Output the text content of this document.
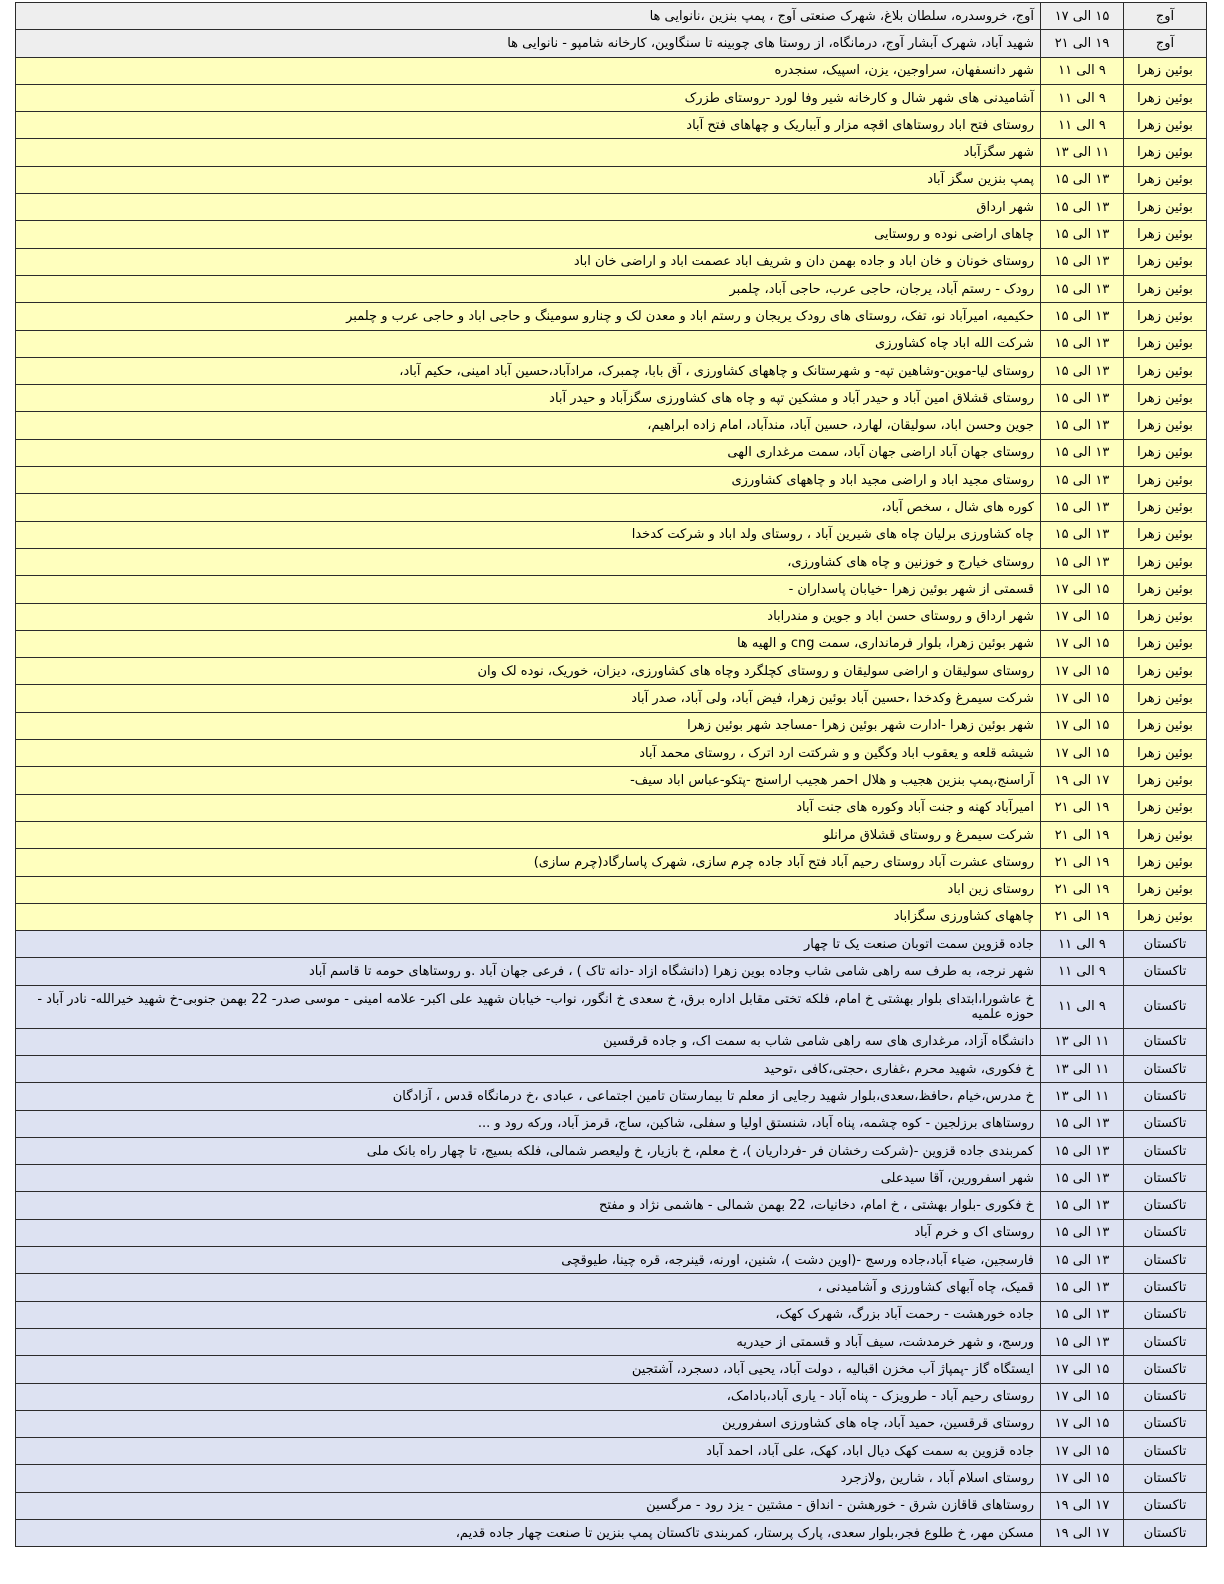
آوج	۱۵ الی ۱۷	آوج، خروسدره، سلطان بلاغ، شهرک صنعتی آوج ، پمپ بنزین ،نانوایی ها
آوج	۱۹ الی ۲۱	شهید آباد، شهرک آبشار آوج، درمانگاه، از روستا های چوبینه تا سنگاوین، کارخانه شامپو - نانوایی ها
بوئین زهرا	۹ الی ۱۱	شهر دانسفهان، سراوجین، یزن، اسپیک، سنجدره
بوئین زهرا	۹ الی ۱۱	آشامیدنی های شهر شال و کارخانه شیر وفا لورد -روستای طزرک
بوئین زهرا	۹ الی ۱۱	روستای فتح اباد روستاهای اقچه مزار و آبباریک و چهاهای فتح آباد
بوئین زهرا	۱۱ الی ۱۳	شهر سگزآباد
بوئین زهرا	۱۳ الی ۱۵	پمپ بنزین سگز آباد
بوئین زهرا	۱۳ الی ۱۵	شهر ارداق
بوئین زهرا	۱۳ الی ۱۵	چاهای اراضی نوده و روستایی
بوئین زهرا	۱۳ الی ۱۵	روستای خونان و خان اباد و جاده بهمن دان و شریف اباد عصمت اباد و اراضی خان اباد
بوئین زهرا	۱۳ الی ۱۵	رودک - رستم آباد، یرجان، حاجی عرب، حاجی آباد، چلمبر
بوئین زهرا	۱۳ الی ۱۵	حکیمیه، امیرآباد نو، تفک، روستای های رودک یریجان و رستم اباد و معدن لک و چنارو سومینگ و حاجی اباد و حاجی عرب و چلمبر
بوئین زهرا	۱۳ الی ۱۵	شرکت الله اباد چاه کشاورزی
بوئین زهرا	۱۳ الی ۱۵	روستای لیا-موین-وشاهین تپه- و شهرستانک و چاههای کشاورزی ، آق بابا، چمبرک، مرادآباد،حسین آباد امینی، حکیم آباد،
بوئین زهرا	۱۳ الی ۱۵	روستای قشلاق امین آباد و حیدر آباد و مشکین تپه و چاه های کشاورزی سگزآباد و حیدر آباد
بوئین زهرا	۱۳ الی ۱۵	جوین وحسن اباد، سولیقان، لهارد، حسین آباد، مندآباد، امام زاده ابراهیم،
بوئین زهرا	۱۳ الی ۱۵	روستای جهان آباد اراضی جهان آباد، سمت مرغداری الهی
بوئین زهرا	۱۳ الی ۱۵	روستای مجید اباد و اراضی مجید اباد و چاههای کشاورزی
بوئین زهرا	۱۳ الی ۱۵	کوره های شال ، سخص آباد،
بوئین زهرا	۱۳ الی ۱۵	چاه کشاورزی برلیان چاه های شیرین آباد ، روستای ولد اباد و شرکت کدخدا
بوئین زهرا	۱۳ الی ۱۵	روستای خیارج و خوزنین و چاه های کشاورزی،
بوئین زهرا	۱۵ الی ۱۷	قسمتی از شهر بوئین زهرا -خیابان پاسداران -
بوئین زهرا	۱۵ الی ۱۷	شهر ارداق و روستای حسن اباد و جوین و مندراباد
بوئین زهرا	۱۵ الی ۱۷	شهر بوئین زهرا، بلوار فرمانداری، سمت cng و الهیه ها
بوئین زهرا	۱۵ الی ۱۷	روستای سولیقان و اراضی سولیقان و روستای کچلگرد وچاه های کشاورزی، دیزان، خوریک، نوده لک وان
بوئین زهرا	۱۵ الی ۱۷	شرکت سیمرغ وکدخدا ،حسین آباد بوئین زهرا، فیض آباد، ولی آباد، صدر آباد
بوئین زهرا	۱۵ الی ۱۷	شهر بوئین زهرا -ادارت شهر بوئین زهرا -مساجد شهر بوئین زهرا
بوئین زهرا	۱۵ الی ۱۷	شیشه قلعه و یعقوب اباد وکگین و و شرکتت ارد اترک ، روستای محمد آباد
بوئین زهرا	۱۷ الی ۱۹	آراسنج،پمپ بنزین هجیب و هلال احمر هجیب اراسنج -پتکو-عباس اباد سیف-
بوئین زهرا	۱۹ الی ۲۱	امیرآباد کهنه و جنت آباد وکوره های جنت آباد
بوئین زهرا	۱۹ الی ۲۱	شرکت سیمرغ و روستای قشلاق مرانلو
بوئین زهرا	۱۹ الی ۲۱	روستای عشرت آباد روستای رحیم آباد فتح آباد جاده چرم سازی، شهرک پاسارگاد(چرم سازی)
بوئین زهرا	۱۹ الی ۲۱	روستای زین اباد
بوئین زهرا	۱۹ الی ۲۱	چاههای کشاورزی سگزاباد
تاکستان	۹ الی ۱۱	جاده قزوین سمت اتوبان صنعت یک تا چهار
تاکستان	۹ الی ۱۱	شهر نرجه، به طرف سه راهی شامی شاب وجاده بوین زهرا (دانشگاه ازاد -دانه تاک ) ، فرعی جهان آباد .و روستاهای حومه تا قاسم آباد
تاکستان	۹ الی ۱۱	خ عاشورا،ابتدای بلوار بهشتی خ امام، فلکه تختی مقابل اداره برق، خ سعدی خ انگور، نواب- خیابان شهید علی اکبر- علامه امینی - موسی صدر- 22 بهمن جنوبی-خ شهید خیرالله- نادر آباد - حوزه علمیه
تاکستان	۱۱ الی ۱۳	دانشگاه آزاد، مرغداری های سه راهی شامی شاب به سمت اک، و جاده قرقسین
تاکستان	۱۱ الی ۱۳	خ فکوری، شهید محرم ،غفاری ،حجتی،کافی ،توحید
تاکستان	۱۱ الی ۱۳	خ مدرس،خیام ،حافظ،سعدی،بلوار شهید رجایی از معلم تا بیمارستان تامین اجتماعی ، عبادی ،خ درمانگاه قدس ، آزادگان
تاکستان	۱۳ الی ۱۵	روستاهای برزلجین - کوه چشمه، پناه آباد، شنستق اولیا و سفلی، شاکین، ساج، قرمز آباد، ورکه رود و ...
تاکستان	۱۳ الی ۱۵	کمربندی جاده قزوین -(شرکت رخشان فر -فرداریان )، خ معلم، خ بازیار، خ ولیعصر شمالی، فلکه بسیج، تا چهار راه بانک ملی
تاکستان	۱۳ الی ۱۵	شهر اسفرورین، آقا سیدعلی
تاکستان	۱۳ الی ۱۵	خ فکوری -بلوار بهشتی ، خ امام، دخانیات، 22 بهمن شمالی - هاشمی نژاد و مفتح
تاکستان	۱۳ الی ۱۵	روستای اک و خرم آباد
تاکستان	۱۳ الی ۱۵	فارسجین، ضیاء آباد،جاده ورسج -(اوین دشت )، شنین، اورنه، قینرجه، قره چینا، طیوقچی
تاکستان	۱۳ الی ۱۵	قمیک، چاه آبهای کشاورزی و آشامیدنی ،
تاکستان	۱۳ الی ۱۵	جاده خورهشت - رحمت آباد بزرگ، شهرک کهک،
تاکستان	۱۳ الی ۱۵	ورسج، و شهر خرمدشت، سیف آباد و قسمتی از حیدریه
تاکستان	۱۵ الی ۱۷	ایستگاه گاز -پمپاژ آب مخزن اقبالیه ، دولت آباد، یحیی آباد، دسجرد، آشتجین
تاکستان	۱۵ الی ۱۷	روستای رحیم آباد - طرویزک - پناه آباد - یاری آباد،بادامک،
تاکستان	۱۵ الی ۱۷	روستای قرقسین، حمید آباد، چاه های کشاورزی اسفرورین
تاکستان	۱۵ الی ۱۷	جاده قزوین به سمت کهک دیال اباد، کهک، علی آباد، احمد آباد
تاکستان	۱۵ الی ۱۷	روستای اسلام آباد ، شارین ,ولازجرد
تاکستان	۱۷ الی ۱۹	روستاهای قاقازن شرق - خورهشن - انداق - مشتین - یزد رود - مرگسین
تاکستان	۱۷ الی ۱۹	مسکن مهر، خ طلوع فجر،بلوار سعدی، پارک پرستار، کمربندی تاکستان پمپ بنزین تا صنعت چهار جاده قدیم،
